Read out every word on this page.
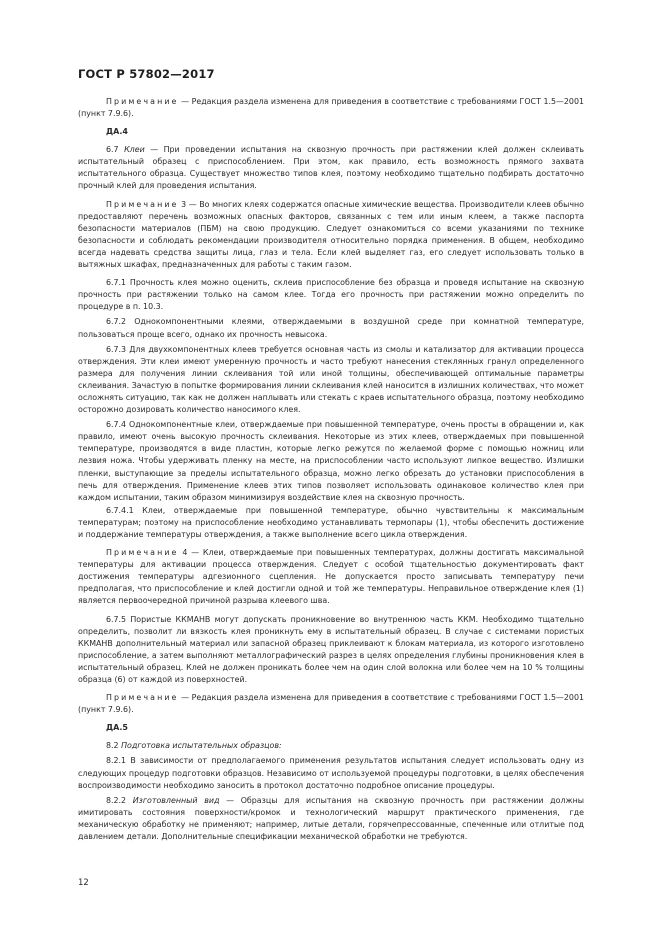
ГОСТ Р 57802—2017

Примечание — Редакция раздела изменена для приведения в соответствие с требованиями ГОСТ 1.5—2001 (пункт 7.9.6).

ДА.4

6.7 Клеи — При проведении испытания на сквозную прочность при растяжении клей должен склеивать испытательный образец с приспособлением. При этом, как правило, есть возможность прямого захвата испытательного образца. Существует множество типов клея, поэтому необходимо тщательно подбирать достаточно прочный клей для проведения испытания.

Примечание 3 — Во многих клеях содержатся опасные химические вещества. Производители клеев обычно предоставляют перечень возможных опасных факторов, связанных с тем или иным клеем, а также паспорта безопасности материалов (ПБМ) на свою продукцию. Следует ознакомиться со всеми указаниями по технике безопасности и соблюдать рекомендации производителя относительно порядка применения. В общем, необходимо всегда надевать средства защиты лица, глаз и тела. Если клей выделяет газ, его следует использовать только в вытяжных шкафах, предназначенных для работы с таким газом.

6.7.1 Прочность клея можно оценить, склеив приспособление без образца и проведя испытание на сквозную прочность при растяжении только на самом клее. Тогда его прочность при растяжении можно определить по процедуре в п. 10.3.

6.7.2 Однокомпонентными клеями, отверждаемыми в воздушной среде при комнатной температуре, пользоваться проще всего, однако их прочность невысока.

6.7.3 Для двухкомпонентных клеев требуется основная часть из смолы и катализатор для активации процесса отверждения. Эти клеи имеют умеренную прочность и часто требуют нанесения стеклянных гранул определенного размера для получения линии склеивания той или иной толщины, обеспечивающей оптимальные параметры склеивания. Зачастую в попытке формирования линии склеивания клей наносится в излишних количествах, что может осложнять ситуацию, так как не должен наплывать или стекать с краев испытательного образца, поэтому необходимо осторожно дозировать количество наносимого клея.

6.7.4 Однокомпонентные клеи, отверждаемые при повышенной температуре, очень просты в обращении и, как правило, имеют очень высокую прочность склеивания. Некоторые из этих клеев, отверждаемых при повышенной температуре, производятся в виде пластин, которые легко режутся по желаемой форме с помощью ножниц или лезвия ножа. Чтобы удерживать пленку на месте, на приспособлении часто используют липкое вещество. Излишки пленки, выступающие за пределы испытательного образца, можно легко обрезать до установки приспособления в печь для отверждения. Применение клеев этих типов позволяет использовать одинаковое количество клея при каждом испытании, таким образом минимизируя воздействие клея на сквозную прочность.

6.7.4.1 Клеи, отверждаемые при повышенной температуре, обычно чувствительны к максимальным температурам; поэтому на приспособление необходимо устанавливать термопары (1), чтобы обеспечить достижение и поддержание температуры отверждения, а также выполнение всего цикла отверждения.

Примечание 4 — Клеи, отверждаемые при повышенных температурах, должны достигать максимальной температуры для активации процесса отверждения. Следует с особой тщательностью документировать факт достижения температуры адгезионного сцепления. Не допускается просто записывать температуру печи предполагая, что приспособление и клей достигли одной и той же температуры. Неправильное отверждение клея (1) является первоочередной причиной разрыва клеевого шва.

6.7.5 Пористые ККМАНВ могут допускать проникновение во внутреннюю часть ККМ. Необходимо тщательно определить, позволит ли вязкость клея проникнуть ему в испытательный образец. В случае с системами пористых ККМАНВ дополнительный материал или запасной образец приклеивают к блокам материала, из которого изготовлено приспособление, а затем выполняют металлографический разрез в целях определения глубины проникновения клея в испытательный образец. Клей не должен проникать более чем на один слой волокна или более чем на 10 % толщины образца (6) от каждой из поверхностей.

Примечание — Редакция раздела изменена для приведения в соответствие с требованиями ГОСТ 1.5—2001 (пункт 7.9.6).

ДА.5

8.2 Подготовка испытательных образцов:

8.2.1 В зависимости от предполагаемого применения результатов испытания следует использовать одну из следующих процедур подготовки образцов. Независимо от используемой процедуры подготовки, в целях обеспечения воспроизводимости необходимо заносить в протокол достаточно подробное описание процедуры.

8.2.2 Изготовленный вид — Образцы для испытания на сквозную прочность при растяжении должны имитировать состояния поверхности/кромок и технологический маршрут практического применения, где механическую обработку не применяют; например, литые детали, горячепрессованные, спеченные или отлитые под давлением детали. Дополнительные спецификации механической обработки не требуются.

12
